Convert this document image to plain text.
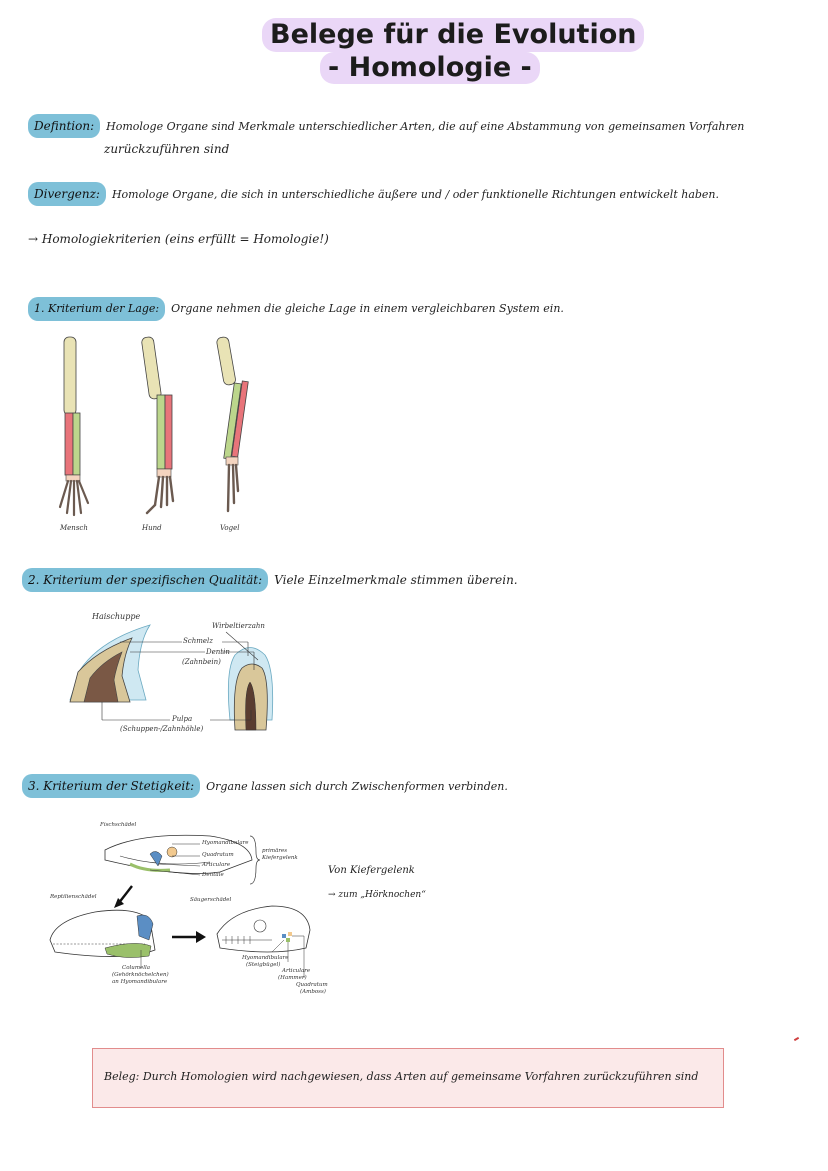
Belege für die Evolution
- Homologie -
Defintion: Homologe Organe sind Merkmale unterschiedlicher Arten, die auf eine Abstammung von gemeinsamen Vorfahren
zurückzuführen sind
Divergenz: Homologe Organe, die sich in unterschiedliche äußere und / oder funktionelle Richtungen entwickelt haben.
→ Homologiekriterien (eins erfüllt = Homologie!)
1. Kriterium der Lage: Organe nehmen die gleiche Lage in einem vergleichbaren System ein.
Mensch	Hund	Vogel
2. Kriterium der spezifischen Qualität: Viele Einzelmerkmale stimmen überein.
Haischuppe
Wirbeltierzahn
Schmelz
Dentin
(Zahnbein)
Pulpa
(Schuppen-/Zahnhöhle)
3. Kriterium der Stetigkeit: Organe lassen sich durch Zwischenformen verbinden.
Fischschädel
Hyomandibulare
Quadratum
Articulare
Dentale
primäres
Kiefergelenk
Von Kiefergelenk
→ zum „Hörknochen“
Reptilienschädel
Columella
(Gehörknöchelchen)
an Hyomandibulare
Säugerschädel
Hyomandibulare
(Steigbügel)
Articulare
(Hammer)
Quadratum
(Amboss)
Beleg: Durch Homologien wird nachgewiesen, dass Arten auf gemeinsame Vorfahren zurückzuführen sind
